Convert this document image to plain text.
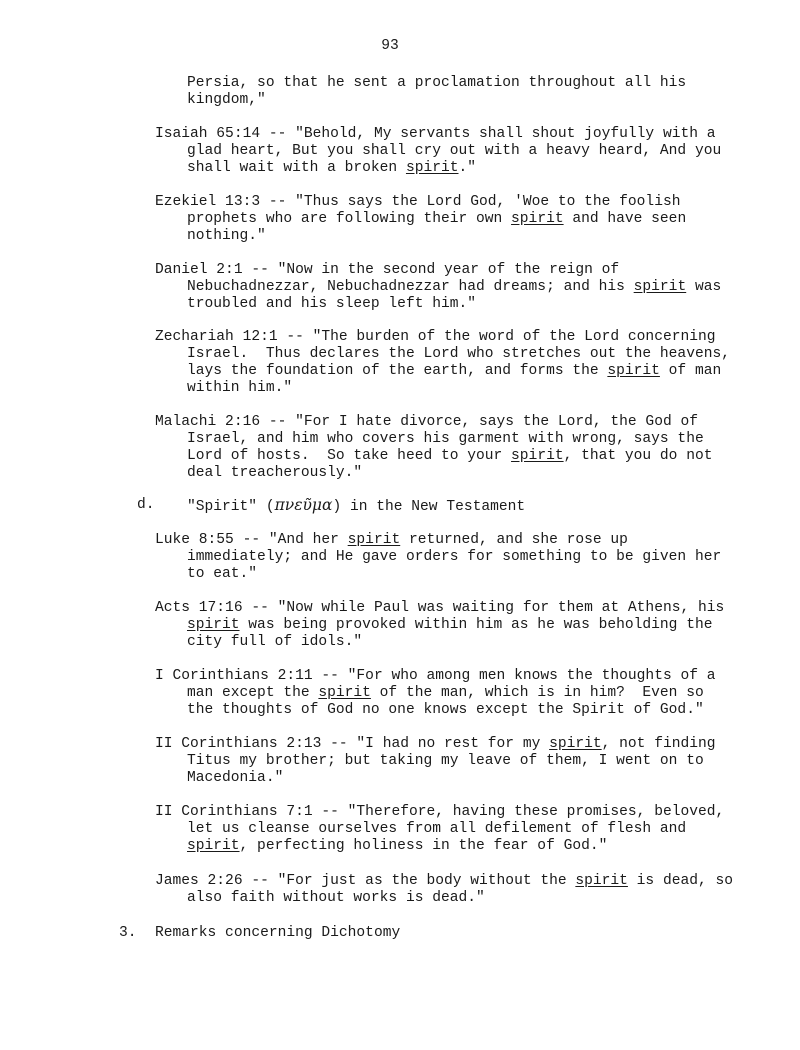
93
d. "Spirit" (πνεῦμα) in the New Testament
3. Remarks concerning Dichotomy
Persia, so that he sent a proclamation throughout all his
kingdom,"
Isaiah 65:14 -- "Behold, My servants shall shout joyfully with a
glad heart, But you shall cry out with a heavy heard, And you
shall wait with a broken spirit."
Ezekiel 13:3 -- "Thus says the Lord God, 'Woe to the foolish
prophets who are following their own spirit and have seen
nothing."
Daniel 2:1 -- "Now in the second year of the reign of
Nebuchadnezzar, Nebuchadnezzar had dreams; and his spirit was
troubled and his sleep left him."
Zechariah 12:1 -- "The burden of the word of the Lord concerning
Israel.  Thus declares the Lord who stretches out the heavens,
lays the foundation of the earth, and forms the spirit of man
within him."
Malachi 2:16 -- "For I hate divorce, says the Lord, the God of
Israel, and him who covers his garment with wrong, says the
Lord of hosts.  So take heed to your spirit, that you do not
deal treacherously."
Luke 8:55 -- "And her spirit returned, and she rose up
immediately; and He gave orders for something to be given her
to eat."
Acts 17:16 -- "Now while Paul was waiting for them at Athens, his
spirit was being provoked within him as he was beholding the
city full of idols."
I Corinthians 2:11 -- "For who among men knows the thoughts of a
man except the spirit of the man, which is in him?  Even so
the thoughts of God no one knows except the Spirit of God."
II Corinthians 2:13 -- "I had no rest for my spirit, not finding
Titus my brother; but taking my leave of them, I went on to
Macedonia."
II Corinthians 7:1 -- "Therefore, having these promises, beloved,
let us cleanse ourselves from all defilement of flesh and
spirit, perfecting holiness in the fear of God."
James 2:26 -- "For just as the body without the spirit is dead, so
also faith without works is dead."
